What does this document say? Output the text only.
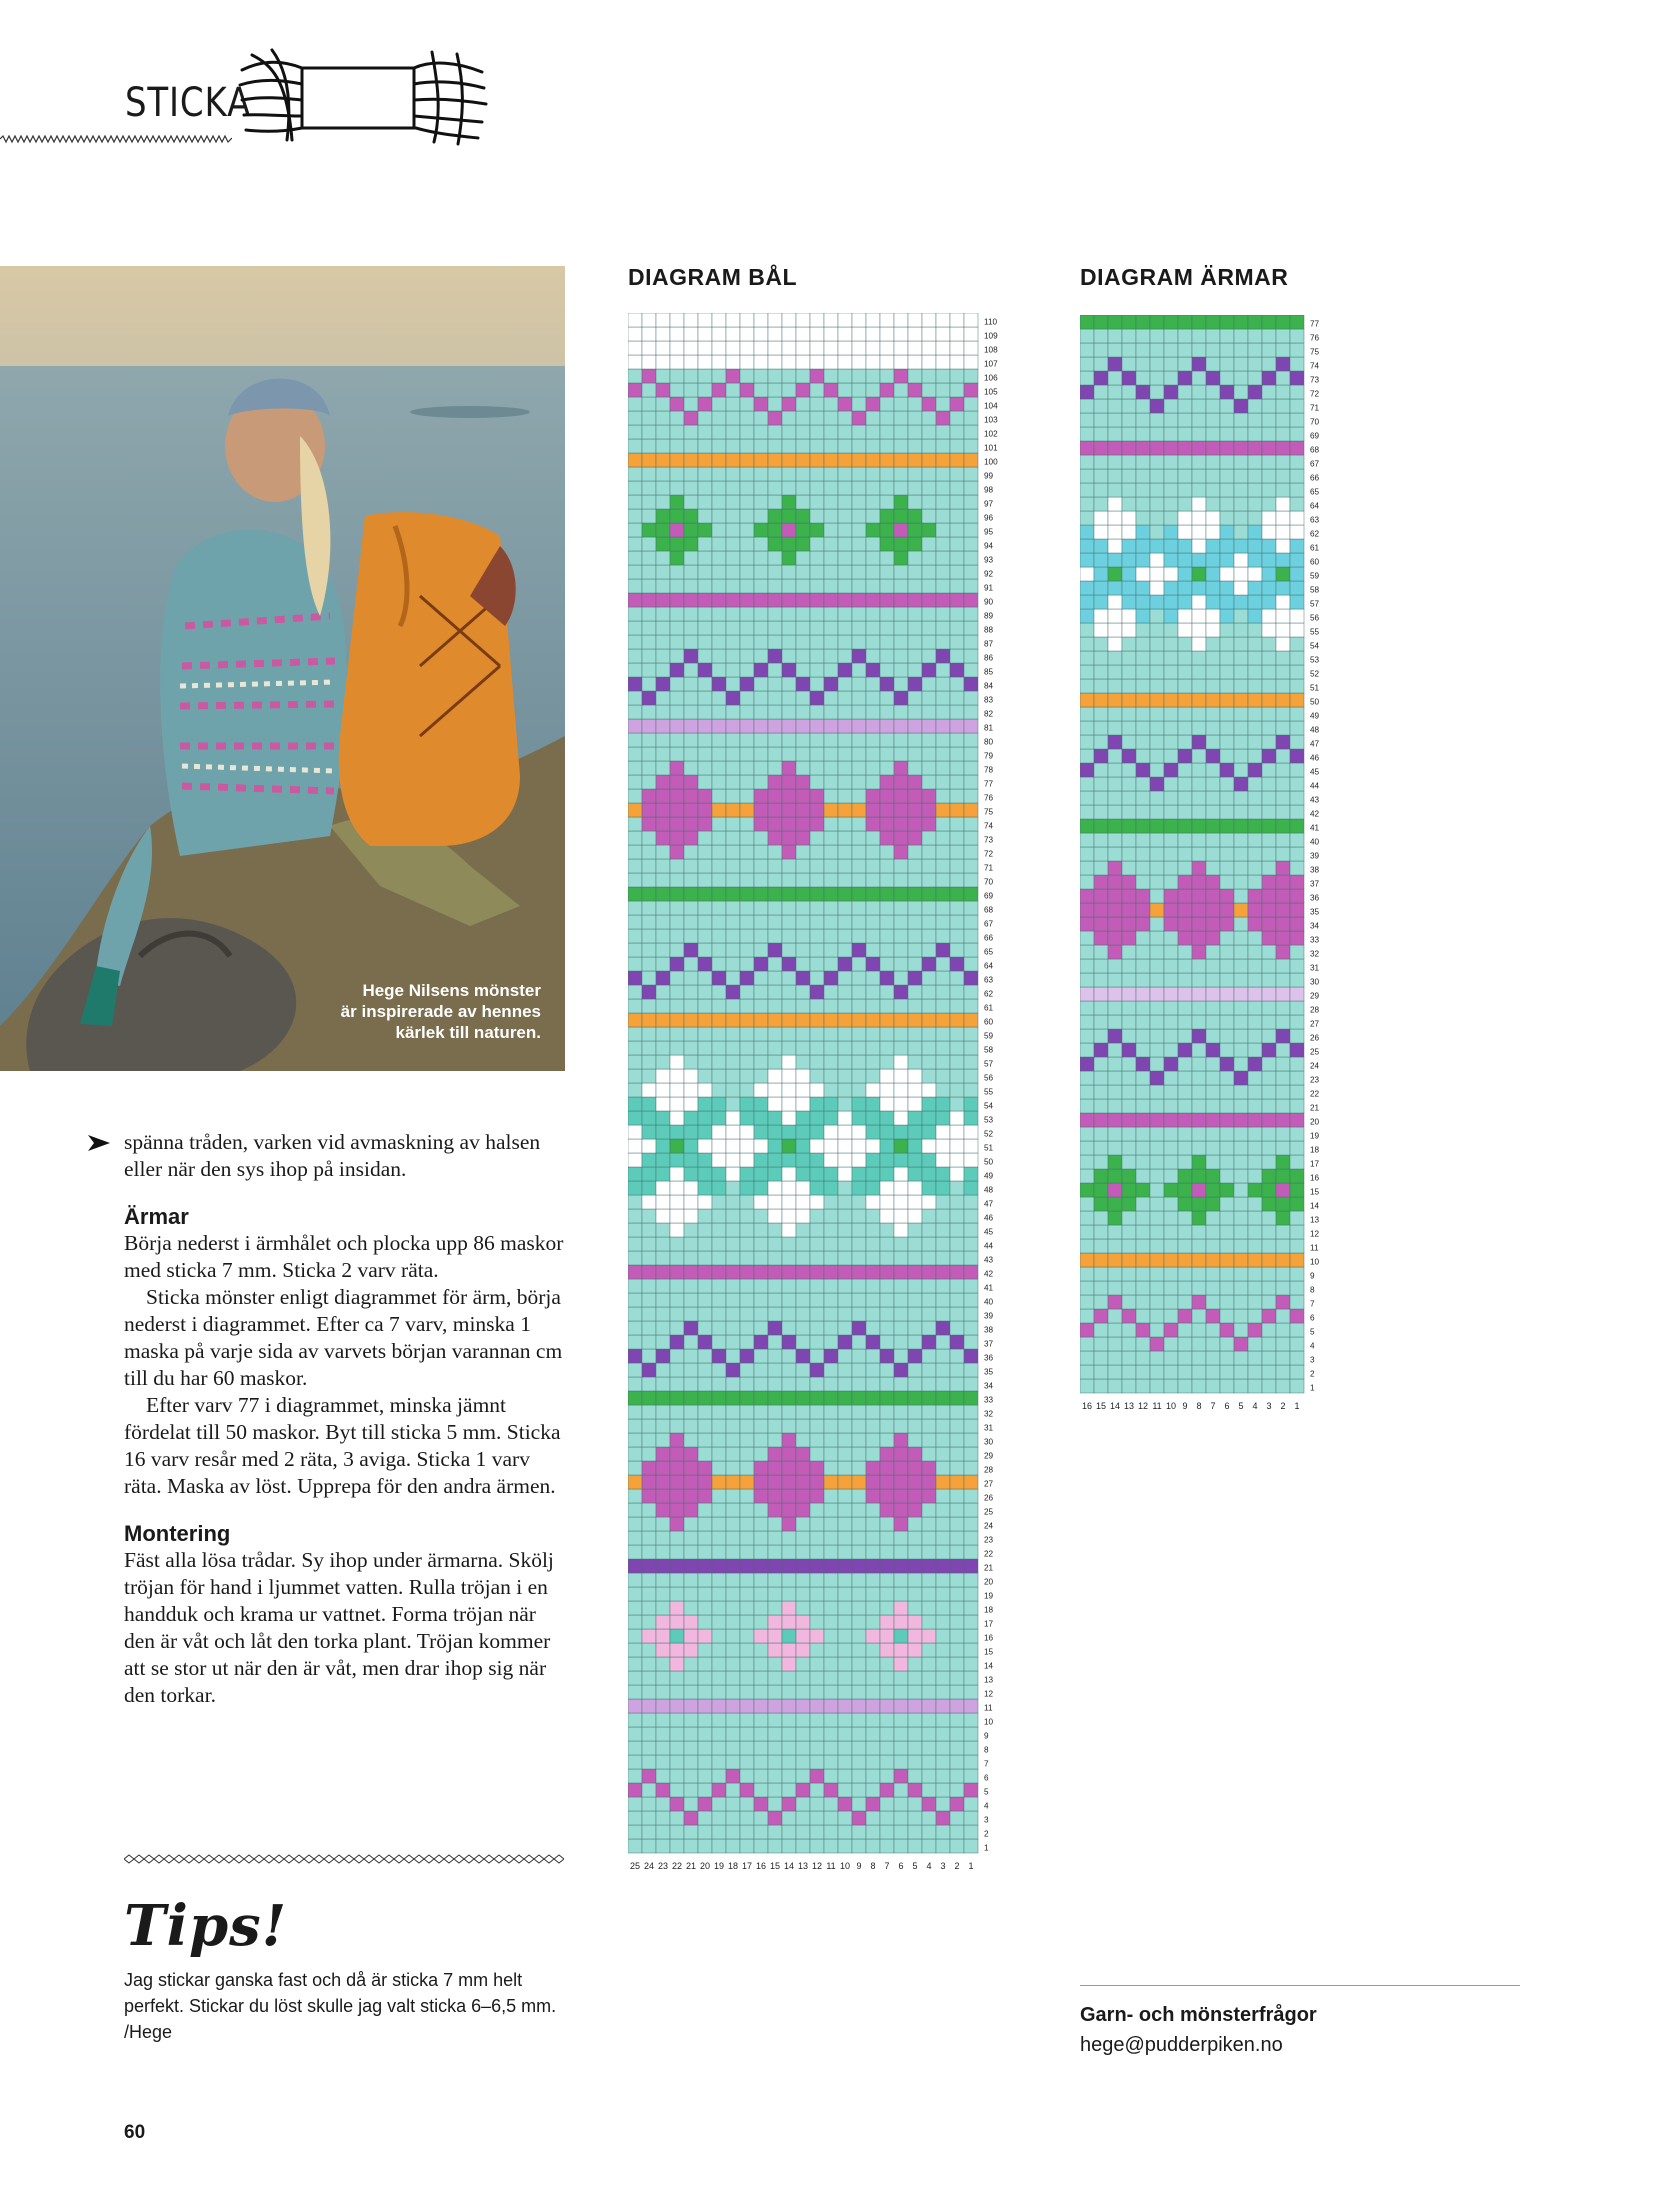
STICKA
Hege Nilsens mönster
är inspirerade av hennes
kärlek till naturen.
DIAGRAM BÅL	DIAGRAM ÄRMAR
1
2
3
4
5
6
7
8
9
10
11
12
13
14
15
16
17
18
19
20
21
22
23
24
25
26
27
28
29
30
31
32
33
34
35
36
37
38
39
40
41
42
43
44
45
46
47
48
49
50
51
52
53
54
55
56
57
58
59
60
61
62
63
64
65
66
67
68
69
70
71
72
73
74
75
76
77
78
79
80
81
82
83
84
85
86
87
88
89
90
91
92
93
94
95
96
97
98
99
100
101
102
103
104
105
106
107
108
109
110
25 24 23 22 21 20 19 18 17 16 15 14 13 12 11 10 9 8 7 6 5 4 3 2 1
1
2
3
4
5
6
7
8
9
10
11
12
13
14
15
16
17
18
19
20
21
22
23
24
25
26
27
28
29
30
31
32
33
34
35
36
37
38
39
40
41
42
43
44
45
46
47
48
49
50
51
52
53
54
55
56
57
58
59
60
61
62
63
64
65
66
67
68
69
70
71
72
73
74
75
76
77
16 15 14 13 12 11 10 9 8 7 6 5 4 3 2 1

spänna tråden, varken vid avmaskning av halsen eller när den sys ihop på insidan.

Ärmar

Börja nederst i ärmhålet och plocka upp 86 maskor med sticka 7 mm. Sticka 2 varv räta.

Sticka mönster enligt diagrammet för ärm, börja nederst i diagrammet. Efter ca 7 varv, minska 1 maska på varje sida av varvets början varannan cm till du har 60 maskor.

Efter varv 77 i diagrammet, minska jämnt fördelat till 50 maskor. Byt till sticka 5 mm. Sticka 16 varv resår med 2 räta, 3 aviga. Sticka 1 varv räta. Maska av löst. Upprepa för den andra ärmen.

Montering

Fäst alla lösa trådar. Sy ihop under ärmarna. Skölj tröjan för hand i ljummet vatten. Rulla tröjan i en handduk och krama ur vattnet. Forma tröjan när den är våt och låt den torka plant. Tröjan kommer att se stor ut när den är våt, men drar ihop sig när den torkar.

Tips!
Jag stickar ganska fast och då är sticka 7 mm helt perfekt. Stickar du löst skulle jag valt sticka 6–6,5 mm. /Hege
60
Garn- och mönsterfrågor
hege@pudderpiken.no
